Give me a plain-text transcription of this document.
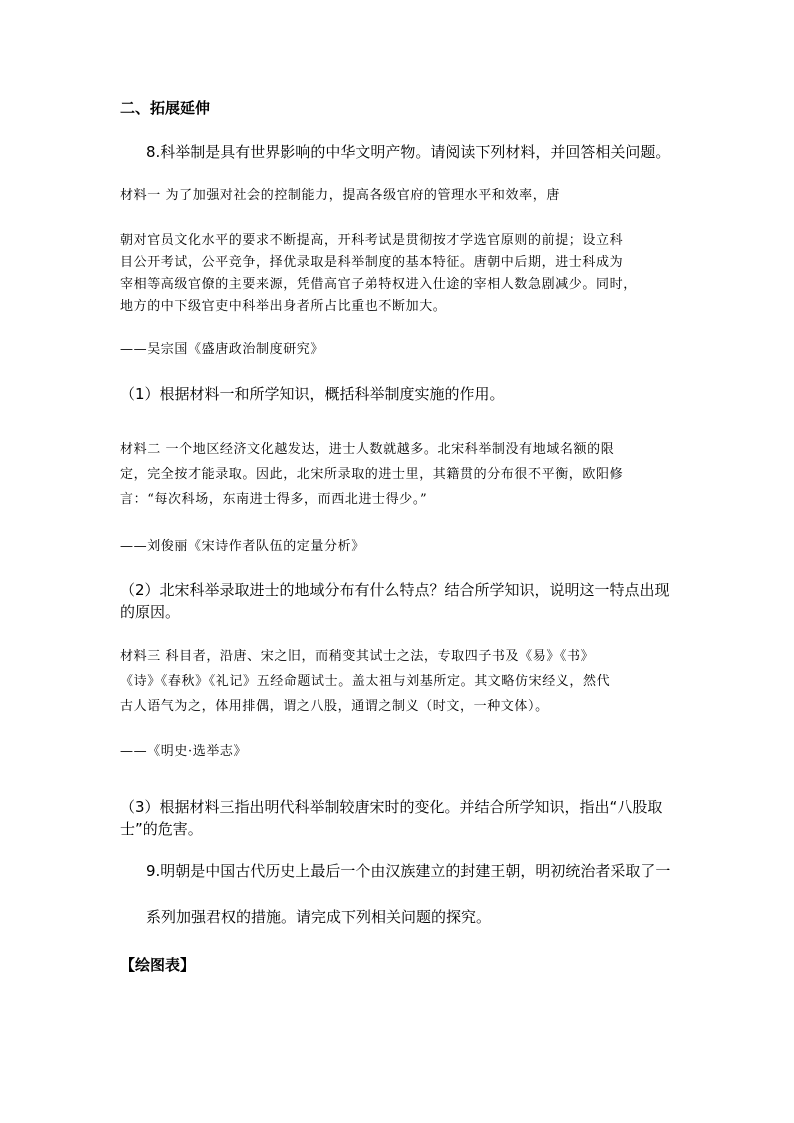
二、拓展延伸

8.科举制是具有世界影响的中华文明产物。请阅读下列材料，并回答相关问题。

材料一 为了加强对社会的控制能力，提高各级官府的管理水平和效率，唐

朝对官员文化水平的要求不断提高，开科考试是贯彻按才学选官原则的前提；设立科
目公开考试，公平竞争，择优录取是科举制度的基本特征。唐朝中后期，进士科成为
宰相等高级官僚的主要来源，凭借高官子弟特权进入仕途的宰相人数急剧减少。同时，
地方的中下级官吏中科举出身者所占比重也不断加大。

——吴宗国《盛唐政治制度研究》

（1）根据材料一和所学知识，概括科举制度实施的作用。

材料二 一个地区经济文化越发达，进士人数就越多。北宋科举制没有地域名额的限
定，完全按才能录取。因此，北宋所录取的进士里，其籍贯的分布很不平衡，欧阳修
言：“每次科场，东南进士得多，而西北进士得少。”

——刘俊丽《宋诗作者队伍的定量分析》

（2）北宋科举录取进士的地域分布有什么特点？结合所学知识，说明这一特点出现
的原因。
材料三 科目者，沿唐、宋之旧，而稍变其试士之法，专取四子书及《易》《书》
《诗》《春秋》《礼记》五经命题试士。盖太祖与刘基所定。其文略仿宋经义，然代
古人语气为之，体用排偶，谓之八股，通谓之制义（时文，一种文体）。

——《明史·选举志》

（3）根据材料三指出明代科举制较唐宋时的变化。并结合所学知识，指出“八股取
士”的危害。

9.明朝是中国古代历史上最后一个由汉族建立的封建王朝，明初统治者采取了一

系列加强君权的措施。请完成下列相关问题的探究。

【绘图表】
